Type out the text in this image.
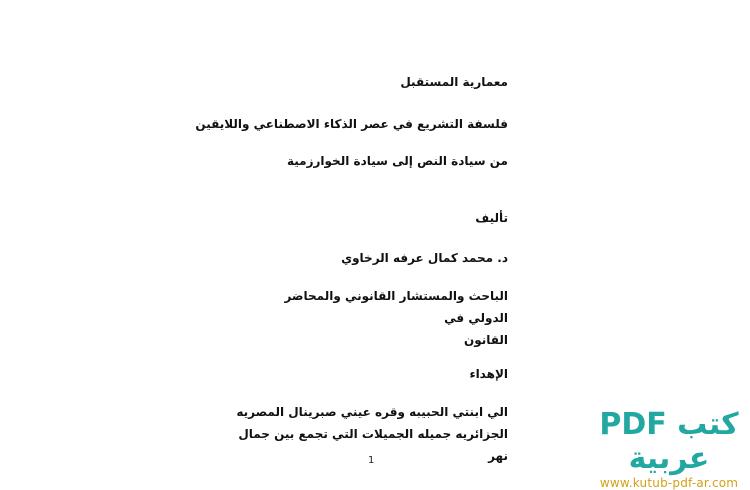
معمارية المستقبل
فلسفة التشريع في عصر الذكاء الاصطناعي واللايقين
من سيادة النص إلى سيادة الخوارزمية
تأليف
د. محمد كمال عرفه الرخاوي
الباحث والمستشار القانوني والمحاضر الدولي في
القانون
الإهداء
الي ابنتي الحبيبه وقره عيني صبرينال المصريه
الجزائريه جميله الجميلات التي تجمع بين جمال نهر
1
كتب PDF عربية
www.kutub-pdf-ar.com
